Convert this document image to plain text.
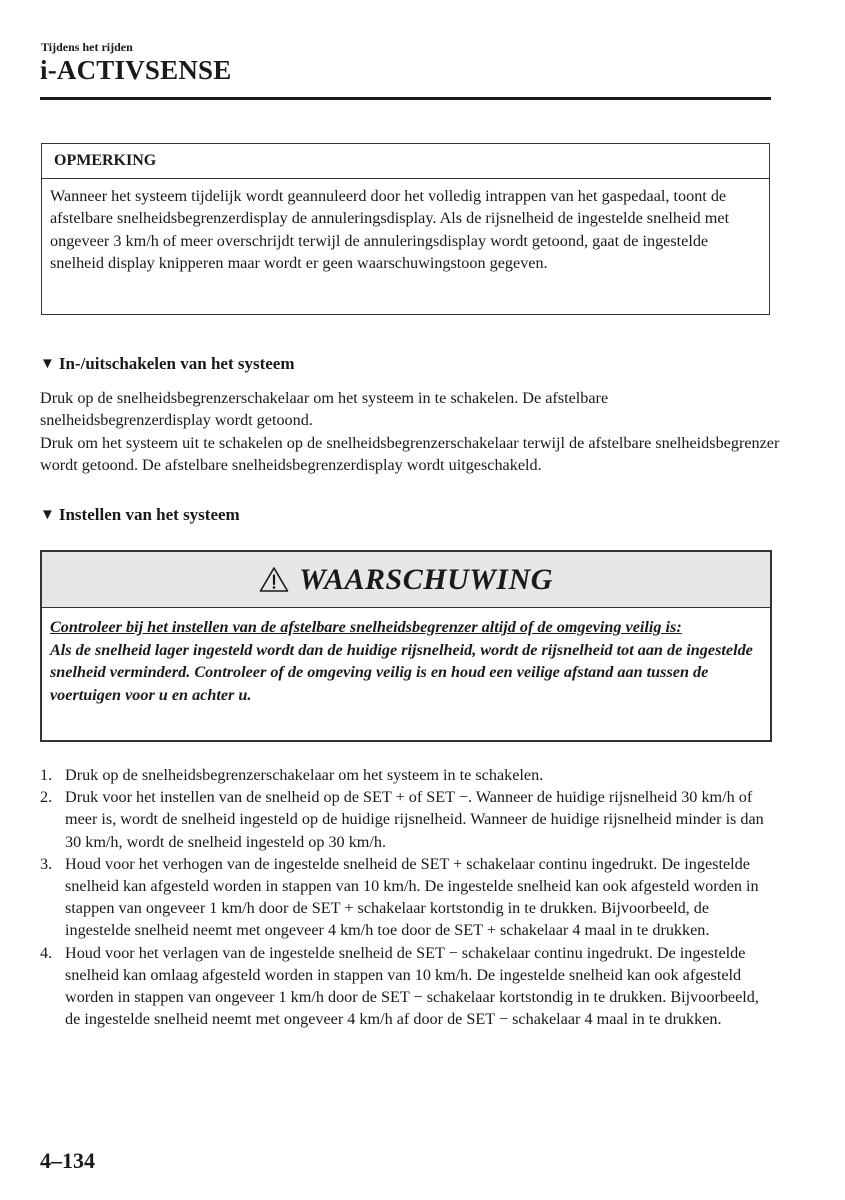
Tijdens het rijden
i-ACTIVSENSE
OPMERKING
Wanneer het systeem tijdelijk wordt geannuleerd door het volledig intrappen van het gaspedaal, toont de afstelbare snelheidsbegrenzerdisplay de annuleringsdisplay. Als de rijsnelheid de ingestelde snelheid met ongeveer 3 km/h of meer overschrijdt terwijl de annuleringsdisplay wordt getoond, gaat de ingestelde snelheid display knipperen maar wordt er geen waarschuwingstoon gegeven.
▼ In-/uitschakelen van het systeem
Druk op de snelheidsbegrenzerschakelaar om het systeem in te schakelen. De afstelbare snelheidsbegrenzerdisplay wordt getoond.
Druk om het systeem uit te schakelen op de snelheidsbegrenzerschakelaar terwijl de afstelbare snelheidsbegrenzer wordt getoond. De afstelbare snelheidsbegrenzerdisplay wordt uitgeschakeld.
▼ Instellen van het systeem
WAARSCHUWING
Controleer bij het instellen van de afstelbare snelheidsbegrenzer altijd of de omgeving veilig is:
Als de snelheid lager ingesteld wordt dan de huidige rijsnelheid, wordt de rijsnelheid tot aan de ingestelde snelheid verminderd. Controleer of de omgeving veilig is en houd een veilige afstand aan tussen de voertuigen voor u en achter u.
1. Druk op de snelheidsbegrenzerschakelaar om het systeem in te schakelen.
2. Druk voor het instellen van de snelheid op de SET + of SET −. Wanneer de huidige rijsnelheid 30 km/h of meer is, wordt de snelheid ingesteld op de huidige rijsnelheid. Wanneer de huidige rijsnelheid minder is dan 30 km/h, wordt de snelheid ingesteld op 30 km/h.
3. Houd voor het verhogen van de ingestelde snelheid de SET + schakelaar continu ingedrukt. De ingestelde snelheid kan afgesteld worden in stappen van 10 km/h. De ingestelde snelheid kan ook afgesteld worden in stappen van ongeveer 1 km/h door de SET + schakelaar kortstondig in te drukken. Bijvoorbeeld, de ingestelde snelheid neemt met ongeveer 4 km/h toe door de SET + schakelaar 4 maal in te drukken.
4. Houd voor het verlagen van de ingestelde snelheid de SET − schakelaar continu ingedrukt. De ingestelde snelheid kan omlaag afgesteld worden in stappen van 10 km/h. De ingestelde snelheid kan ook afgesteld worden in stappen van ongeveer 1 km/h door de SET − schakelaar kortstondig in te drukken. Bijvoorbeeld, de ingestelde snelheid neemt met ongeveer 4 km/h af door de SET − schakelaar 4 maal in te drukken.
4–134
